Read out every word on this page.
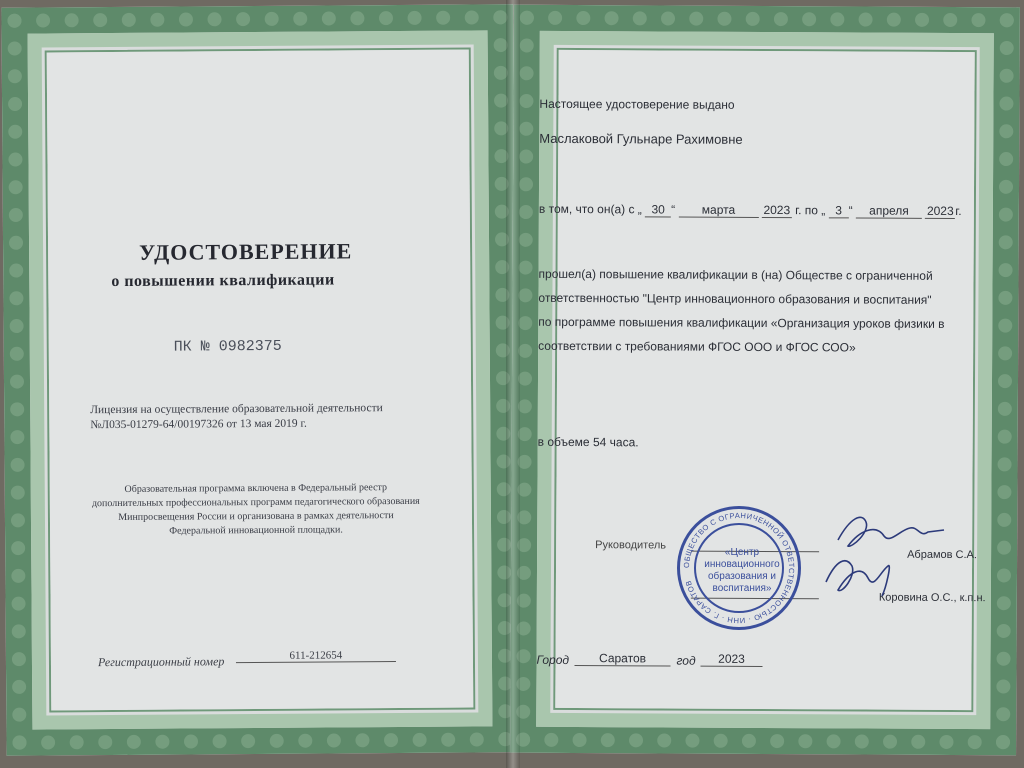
УДОСТОВЕРЕНИЕ
о повышении квалификации
ПК № 0982375
Лицензия на осуществление образовательной деятельности
№Л035-01279-64/00197326 от 13 мая 2019 г.
Образовательная программа включена в Федеральный реестр дополнительных профессиональных программ педагогического образования Минпросвещения России и организована в рамках деятельности Федеральной инновационной площадки.
Регистрационный номер	611-212654
Настоящее удостоверение выдано
Маслаковой Гульнаре Рахимовне
в том, что он(а) с „ 30 “ марта 2023 г. по „ 3 “ апреля 2023 г.
прошел(а) повышение квалификации в (на) Обществе с ограниченной
ответственностью "Центр инновационного образования и воспитания"
по программе повышения квалификации «Организация уроков физики в
соответствии с требованиями ФГОС ООО и ФГОС СОО»
в объеме 54 часа.
Руководитель
Абрамов С.А.
Коровина О.С., к.п.н.
Город	Саратов	год	2023
ОБЩЕСТВО С ОГРАНИЧЕННОЙ ОТВЕТСТВЕННОСТЬЮ · ИНН · Г. САРАТОВ
«Центр инновационного образования и воспитания»
